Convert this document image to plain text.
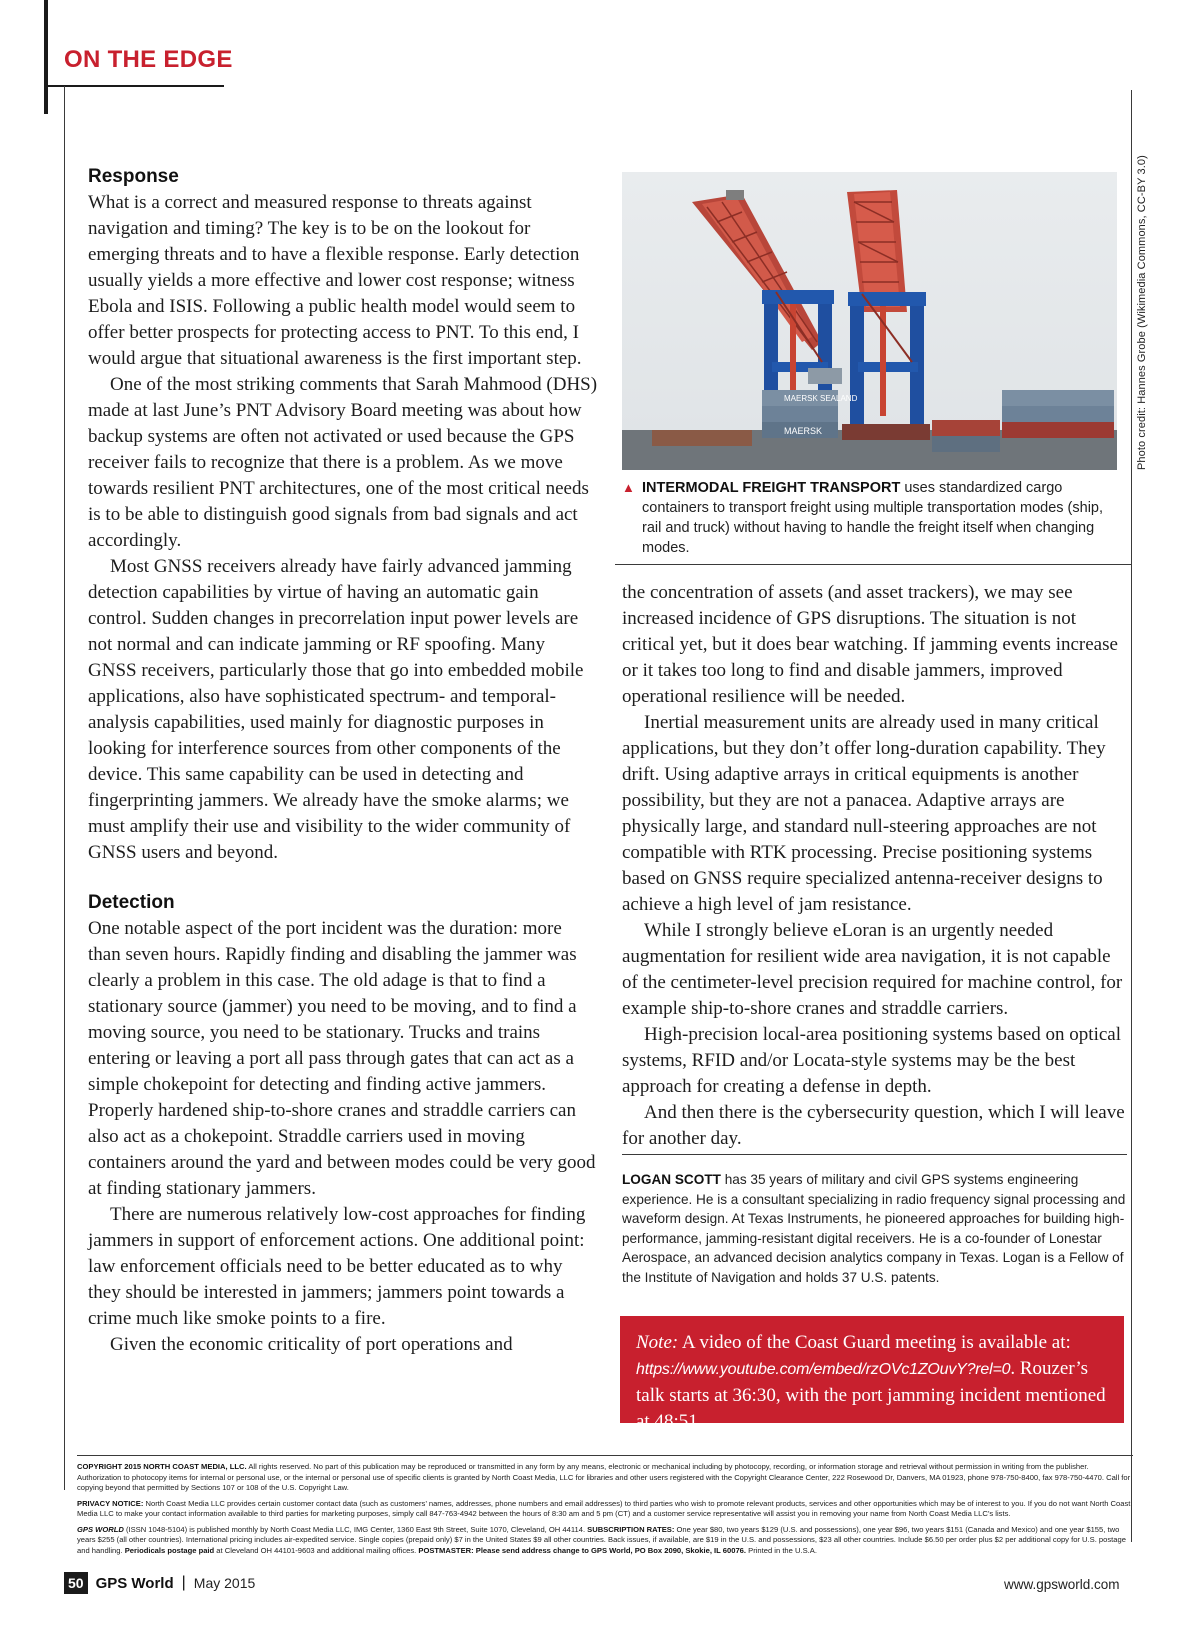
ON THE EDGE
Response

What is a correct and measured response to threats against navigation and timing? The key is to be on the lookout for emerging threats and to have a flexible response. Early detection usually yields a more effective and lower cost response; witness Ebola and ISIS. Following a public health model would seem to offer better prospects for protecting access to PNT. To this end, I would argue that situational awareness is the first important step.

One of the most striking comments that Sarah Mahmood (DHS) made at last June’s PNT Advisory Board meeting was about how backup systems are often not activated or used because the GPS receiver fails to recognize that there is a problem. As we move towards resilient PNT architectures, one of the most critical needs is to be able to distinguish good signals from bad signals and act accordingly.

Most GNSS receivers already have fairly advanced jamming detection capabilities by virtue of having an automatic gain control. Sudden changes in precorrelation input power levels are not normal and can indicate jamming or RF spoofing. Many GNSS receivers, particularly those that go into embedded mobile applications, also have sophisticated spectrum- and temporal-analysis capabilities, used mainly for diagnostic purposes in looking for interference sources from other components of the device. This same capability can be used in detecting and fingerprinting jammers. We already have the smoke alarms; we must amplify their use and visibility to the wider community of GNSS users and beyond.

Detection

One notable aspect of the port incident was the duration: more than seven hours. Rapidly finding and disabling the jammer was clearly a problem in this case. The old adage is that to find a stationary source (jammer) you need to be moving, and to find a moving source, you need to be stationary. Trucks and trains entering or leaving a port all pass through gates that can act as a simple chokepoint for detecting and finding active jammers. Properly hardened ship-to-shore cranes and straddle carriers can also act as a chokepoint. Straddle carriers used in moving containers around the yard and between modes could be very good at finding stationary jammers.

There are numerous relatively low-cost approaches for finding jammers in support of enforcement actions. One additional point: law enforcement officials need to be better educated as to why they should be interested in jammers; jammers point towards a crime much like smoke points to a fire.

Given the economic criticality of port operations and

MAERSK SEALAND
MAERSK	Photo credit: Hannes Grobe (Wikimedia Commons, CC-BY 3.0)
▲ INTERMODAL FREIGHT TRANSPORT uses standardized cargo containers to transport freight using multiple transportation modes (ship, rail and truck) without having to handle the freight itself when changing modes.

the concentration of assets (and asset trackers), we may see increased incidence of GPS disruptions. The situation is not critical yet, but it does bear watching. If jamming events increase or it takes too long to find and disable jammers, improved operational resilience will be needed.

Inertial measurement units are already used in many critical applications, but they don’t offer long-duration capability. They drift. Using adaptive arrays in critical equipments is another possibility, but they are not a panacea. Adaptive arrays are physically large, and standard null-steering approaches are not compatible with RTK processing. Precise positioning systems based on GNSS require specialized antenna-receiver designs to achieve a high level of jam resistance.

While I strongly believe eLoran is an urgently needed augmentation for resilient wide area navigation, it is not capable of the centimeter-level precision required for machine control, for example ship-to-shore cranes and straddle carriers.

High-precision local-area positioning systems based on optical systems, RFID and/or Locata-style systems may be the best approach for creating a defense in depth.

And then there is the cybersecurity question, which I will leave for another day.

LOGAN SCOTT has 35 years of military and civil GPS systems engineering experience. He is a consultant specializing in radio frequency signal processing and waveform design. At Texas Instruments, he pioneered approaches for building high-performance, jamming-resistant digital receivers. He is a co-founder of Lonestar Aerospace, an advanced decision analytics company in Texas. Logan is a Fellow of the Institute of Navigation and holds 37 U.S. patents.
Note: A video of the Coast Guard meeting is available at: https://www.youtube.com/embed/rzOVc1ZOuvY?rel=0. Rouzer’s talk starts at 36:30, with the port jamming incident mentioned at 48:51.

COPYRIGHT 2015 NORTH COAST MEDIA, LLC. All rights reserved. No part of this publication may be reproduced or transmitted in any form by any means, electronic or mechanical including by photocopy, recording, or information storage and retrieval without permission in writing from the publisher. Authorization to photocopy items for internal or personal use, or the internal or personal use of specific clients is granted by North Coast Media, LLC for libraries and other users registered with the Copyright Clearance Center, 222 Rosewood Dr, Danvers, MA 01923, phone 978-750-8400, fax 978-750-4470. Call for copying beyond that permitted by Sections 107 or 108 of the U.S. Copyright Law.

PRIVACY NOTICE: North Coast Media LLC provides certain customer contact data (such as customers’ names, addresses, phone numbers and email addresses) to third parties who wish to promote relevant products, services and other opportunities which may be of interest to you. If you do not want North Coast Media LLC to make your contact information available to third parties for marketing purposes, simply call 847-763-4942 between the hours of 8:30 am and 5 pm (CT) and a customer service representative will assist you in removing your name from North Coast Media LLC’s lists.

GPS WORLD (ISSN 1048-5104) is published monthly by North Coast Media LLC, IMG Center, 1360 East 9th Street, Suite 1070, Cleveland, OH 44114. SUBSCRIPTION RATES: One year $80, two years $129 (U.S. and possessions), one year $96, two years $151 (Canada and Mexico) and one year $155, two years $255 (all other countries). International pricing includes air-expedited service. Single copies (prepaid only) $7 in the United States $9 all other countries. Back issues, if available, are $19 in the U.S. and possessions, $23 all other countries. Include $6.50 per order plus $2 per additional copy for U.S. postage and handling. Periodicals postage paid at Cleveland OH 44101-9603 and additional mailing offices. POSTMASTER: Please send address change to GPS World, PO Box 2090, Skokie, IL 60076. Printed in the U.S.A.

50 GPS World | May 2015	www.gpsworld.com
